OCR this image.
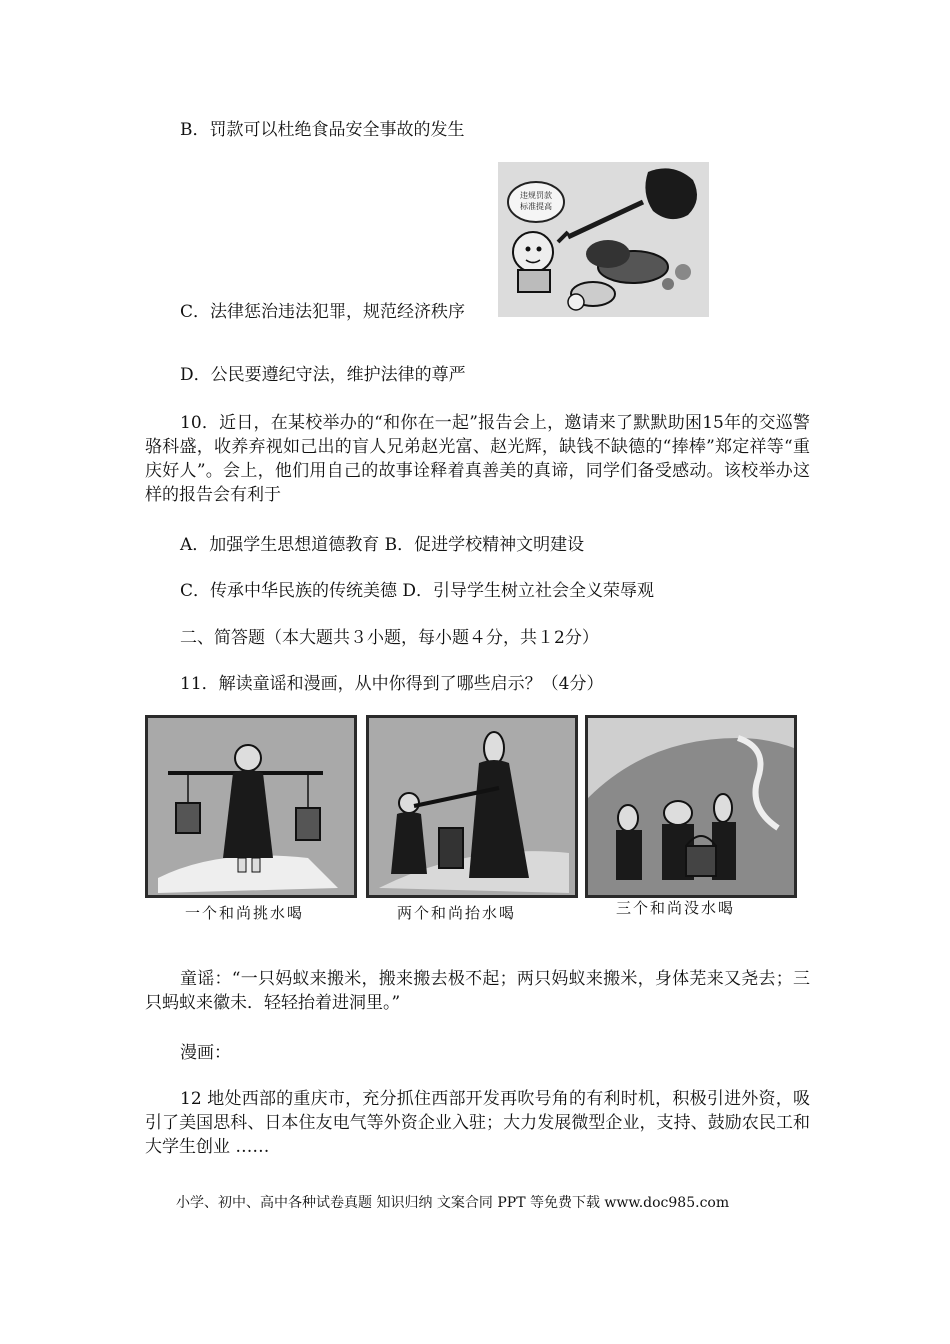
B．罚款可以杜绝食品安全事故的发生
违规罚款
标准提高
C．法律惩治违法犯罪，规范经济秩序
D．公民要遵纪守法，维护法律的尊严
10．近日，在某校举办的“和你在一起”报告会上，邀请来了默默助困15年的交巡警骆科盛，收养弃视如己出的盲人兄弟赵光富、赵光辉，缺钱不缺德的“捧棒”郑定祥等“重庆好人”。会上，他们用自己的故事诠释着真善美的真谛，同学们备受感动。该校举办这样的报告会有利于
A．加强学生思想道德教育 B．促进学校精神文明建设
C．传承中华民族的传统美德 D．引导学生树立社会全义荣辱观
二、简答题（本大题共３小题，每小题４分，共１2分）
11．解读童谣和漫画，从中你得到了哪些启示？（4分）
一个和尚挑水喝	两个和尚抬水喝	三个和尚没水喝
童谣：“一只妈蚁来搬米，搬来搬去极不起；两只妈蚁来搬米，身体芜来又尧去；三只蚂蚁来徽未．轻轻抬着进洞里。”
漫画：
12 地处西部的重庆市，充分抓住西部开发再吹号角的有利时机，积极引进外资，吸引了美国思科、日本住友电气等外资企业入驻；大力发展微型企业，支持、鼓励农民工和大学生创业 ……
小学、初中、高中各种试卷真题 知识归纳 文案合同 PPT 等免费下载 www.doc985.com
